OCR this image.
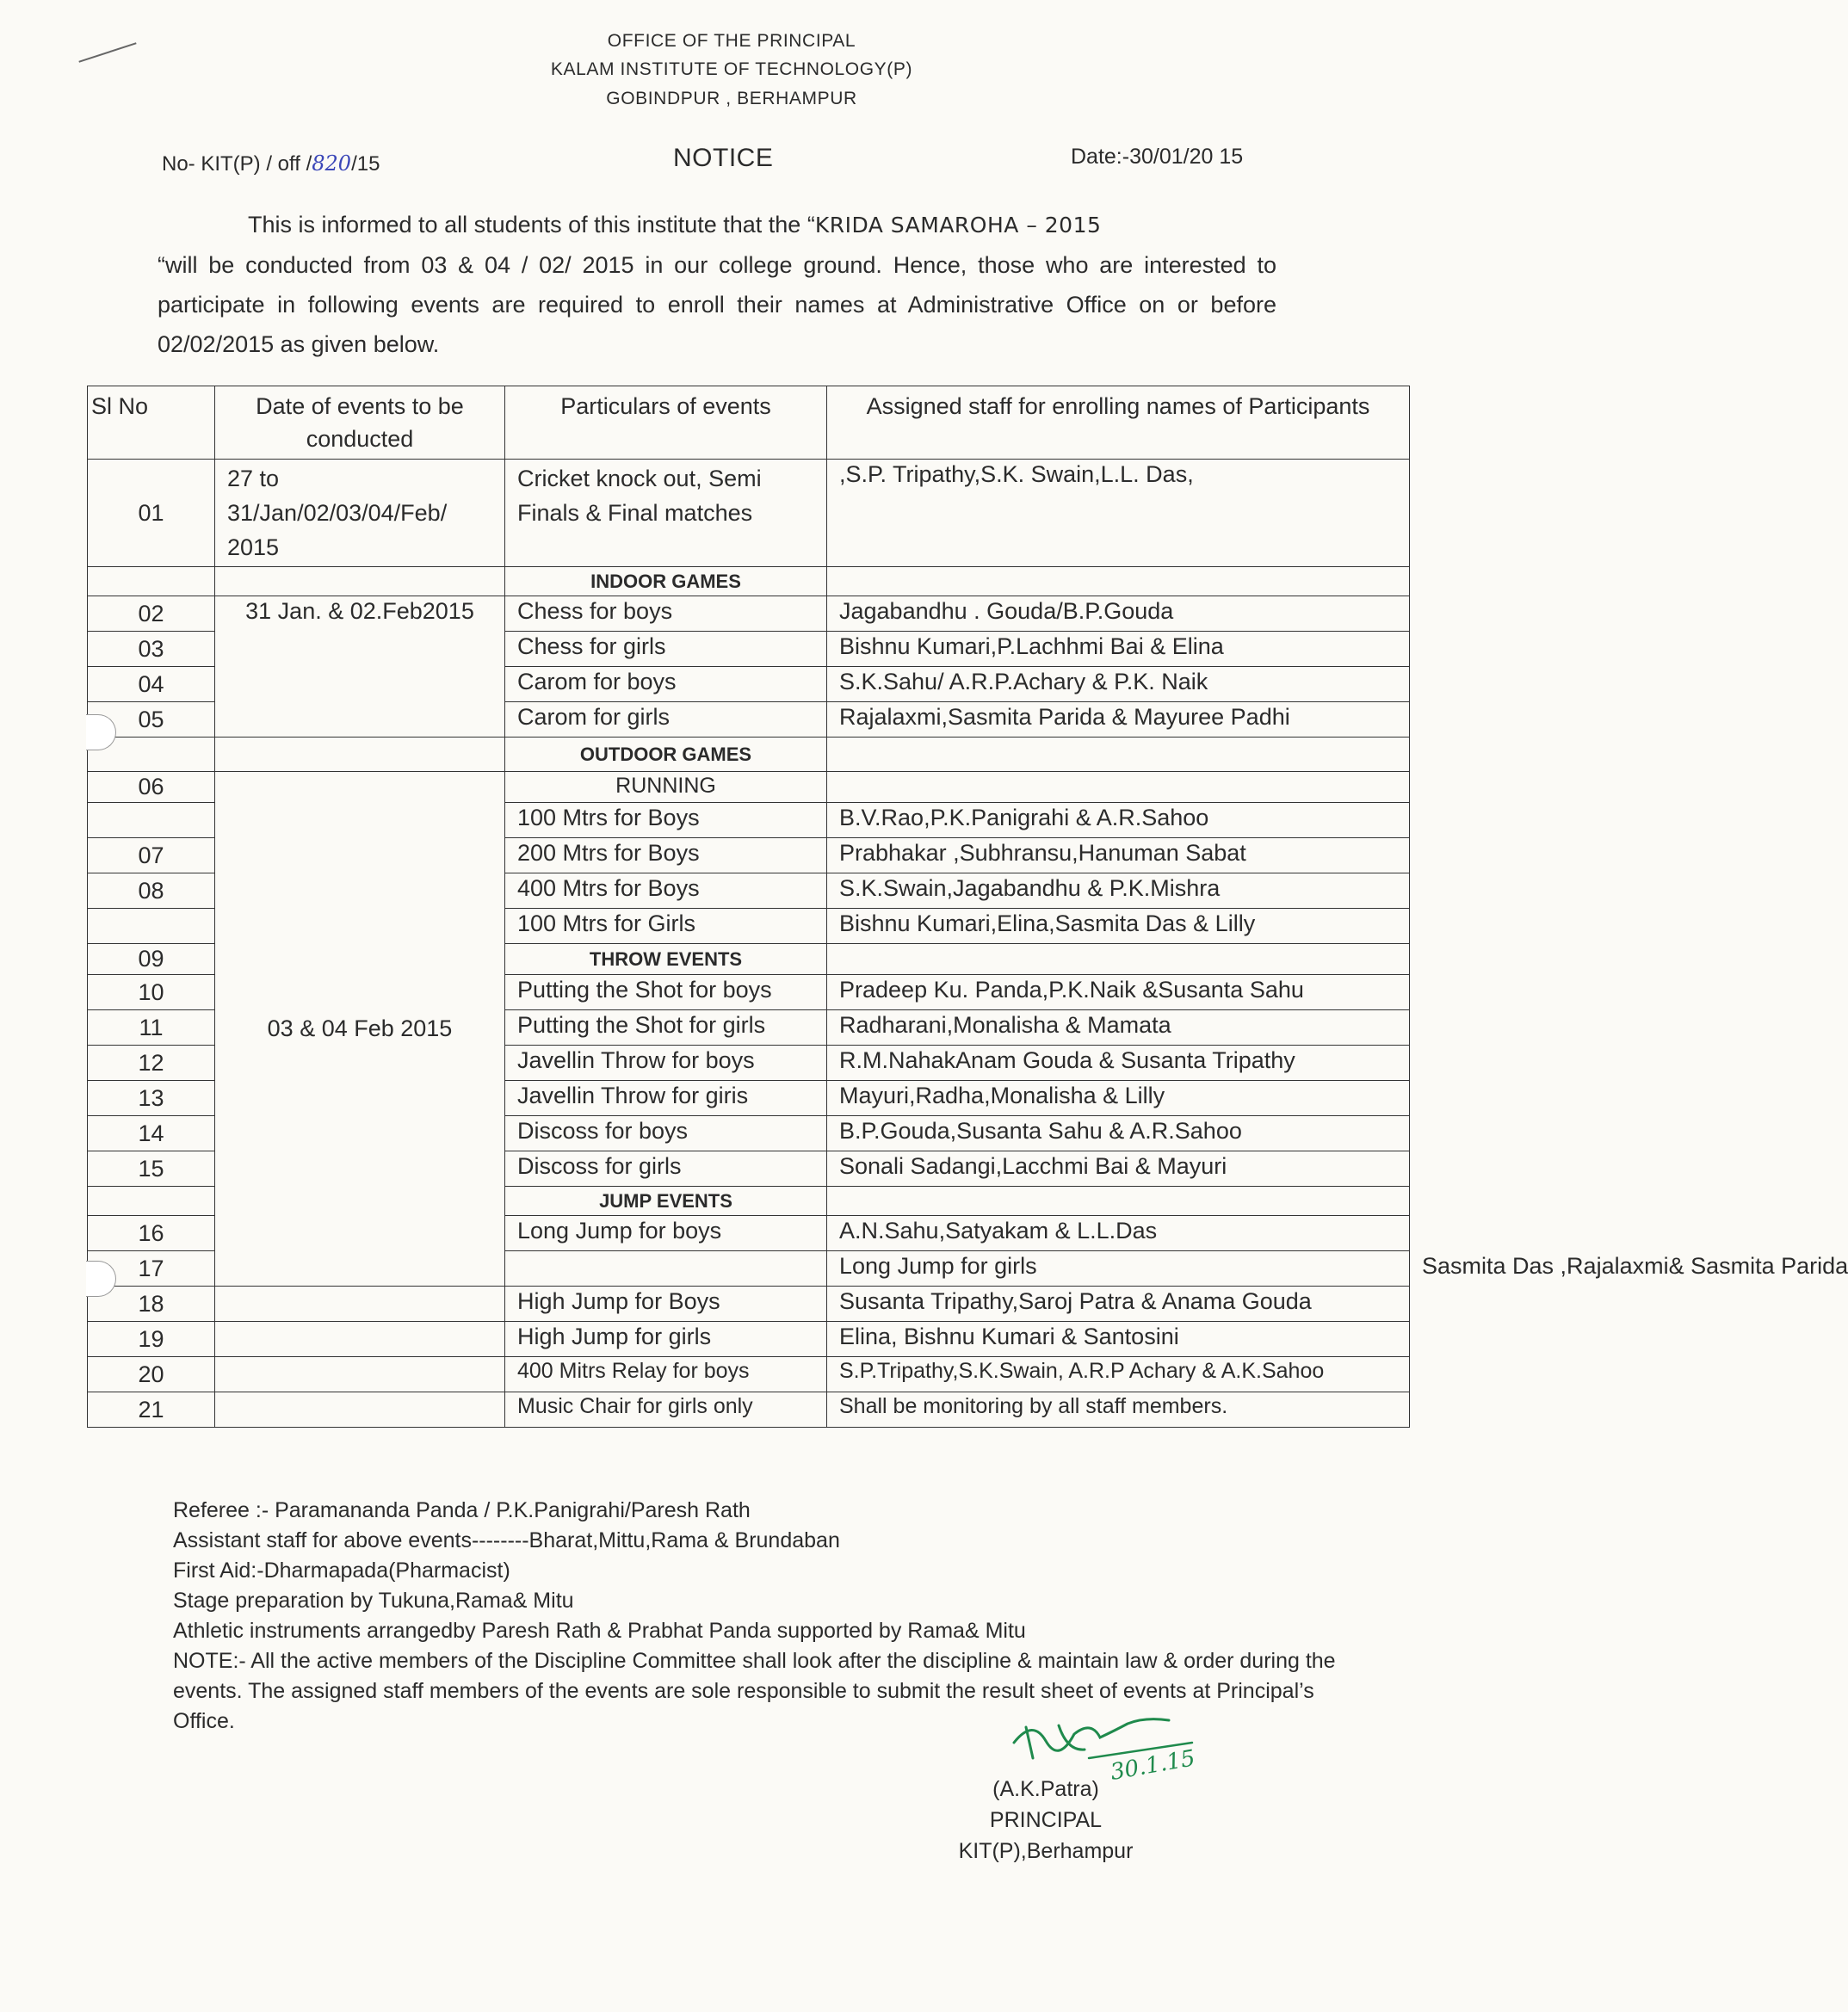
OFFICE OF THE PRINCIPAL
KALAM INSTITUTE OF TECHNOLOGY(P)
GOBINDPUR , BERHAMPUR
No- KIT(P) / off /820/15	NOTICE	Date:-30/01/20 15

This is informed to all students of this institute that the “KRIDA SAMAROHA – 2015

“will be conducted from 03 & 04 / 02/ 2015 in our college ground. Hence, those who are interested to participate in following events are required to enroll their names at Administrative Office on or before 02/02/2015 as given below.

Sl No	Date of events to be conducted	Particulars of events	Assigned staff for enrolling names of Participants	
01	27 to 31/Jan/02/03/04/Feb/ 2015	Cricket knock out, Semi Finals & Final matches	,S.P. Tripathy,S.K. Swain,L.L. Das,	
		INDOOR GAMES		
02	31 Jan. & 02.Feb2015	Chess for boys	Jagabandhu . Gouda/B.P.Gouda	
03		Chess for girls	Bishnu Kumari,P.Lachhmi Bai & Elina	
04		Carom for boys	S.K.Sahu/ A.R.P.Achary & P.K. Naik	
05		Carom for girls	Rajalaxmi,Sasmita Parida & Mayuree Padhi	
		OUTDOOR GAMES		
06	03 & 04 Feb 2015	RUNNING		
		100 Mtrs for Boys	B.V.Rao,P.K.Panigrahi & A.R.Sahoo	
07		200 Mtrs for Boys	Prabhakar ,Subhransu,Hanuman Sabat	
08		400 Mtrs for Boys	S.K.Swain,Jagabandhu & P.K.Mishra	
		100 Mtrs for Girls	Bishnu Kumari,Elina,Sasmita Das & Lilly	
09		THROW EVENTS		
10		Putting the Shot for boys	Pradeep Ku. Panda,P.K.Naik &Susanta Sahu	
11		Putting the Shot for girls	Radharani,Monalisha & Mamata	
12		Javellin Throw for boys	R.M.NahakAnam Gouda & Susanta Tripathy	
13		Javellin Throw for giris	Mayuri,Radha,Monalisha & Lilly	
14		Discoss for boys	B.P.Gouda,Susanta Sahu & A.R.Sahoo	
15		Discoss for girls	Sonali Sadangi,Lacchmi Bai & Mayuri	
		JUMP EVENTS		
16		Long Jump for boys	A.N.Sahu,Satyakam & L.L.Das	
17			Long Jump for girls	Sasmita Das ,Rajalaxmi& Sasmita Parida
18		High Jump for Boys	Susanta Tripathy,Saroj Patra & Anama Gouda	
19		High Jump for girls	Elina, Bishnu Kumari & Santosini	
20		400 Mitrs Relay for boys	S.P.Tripathy,S.K.Swain, A.R.P Achary & A.K.Sahoo	
21		Music Chair for girls only	Shall be monitoring by all staff members.	

Referee :- Paramananda Panda / P.K.Panigrahi/Paresh Rath

Assistant staff for above events--------Bharat,Mittu,Rama & Brundaban

First Aid:-Dharmapada(Pharmacist)

Stage preparation by Tukuna,Rama& Mitu

Athletic instruments arrangedby Paresh Rath & Prabhat Panda supported by Rama& Mitu

NOTE:- All the active members of the Discipline Committee shall look after the discipline & maintain law & order during the events. The assigned staff members of the events are sole responsible to submit the result sheet of events at Principal’s Office.

30.1.15
(A.K.Patra)
PRINCIPAL
KIT(P),Berhampur
